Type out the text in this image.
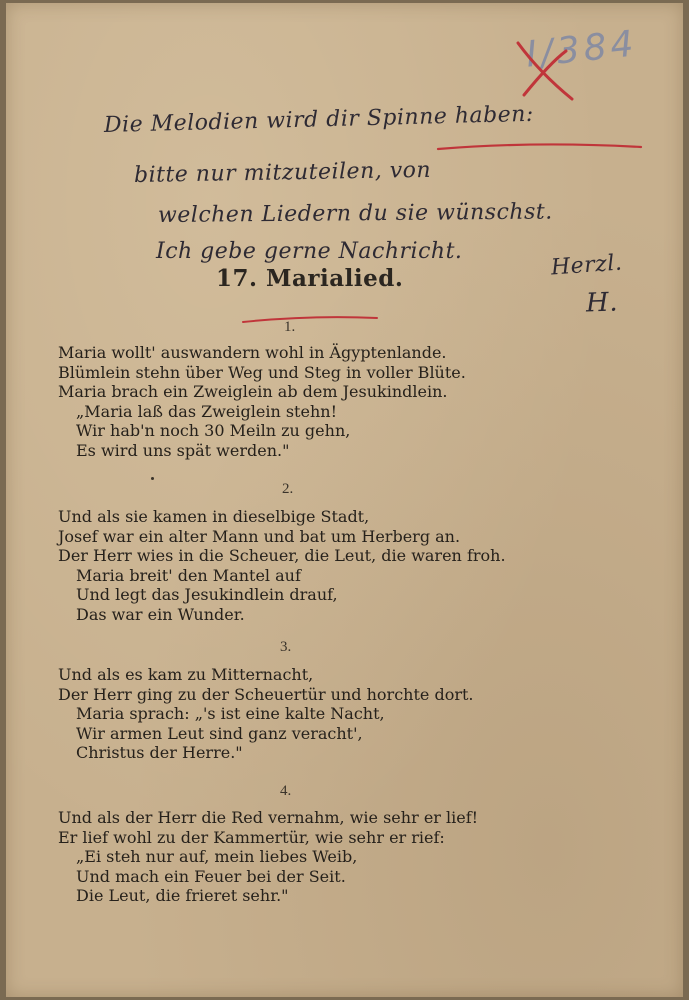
I/384
Die Melodien wird dir Spinne haben:
bitte nur mitzuteilen, von
welchen Liedern du sie wünschst.
Ich gebe gerne Nachricht.	Herzl.
H.
17. Marialied.
1.
Maria wollt' auswandern wohl in Ägyptenlande.
Blümlein stehn über Weg und Steg in voller Blüte.
Maria brach ein Zweiglein ab dem Jesukindlein.
„Maria laß das Zweiglein stehn!
Wir hab'n noch 30 Meiln zu gehn,
Es wird uns spät werden."
2.
Und als sie kamen in dieselbige Stadt,
Josef war ein alter Mann und bat um Herberg an.
Der Herr wies in die Scheuer, die Leut, die waren froh.
Maria breit' den Mantel auf
Und legt das Jesukindlein drauf,
Das war ein Wunder.
3.
Und als es kam zu Mitternacht,
Der Herr ging zu der Scheuertür und horchte dort.
Maria sprach: „'s ist eine kalte Nacht,
Wir armen Leut sind ganz veracht',
Christus der Herre."
4.
Und als der Herr die Red vernahm, wie sehr er lief!
Er lief wohl zu der Kammertür, wie sehr er rief:
„Ei steh nur auf, mein liebes Weib,
Und mach ein Feuer bei der Seit.
Die Leut, die frieret sehr."
